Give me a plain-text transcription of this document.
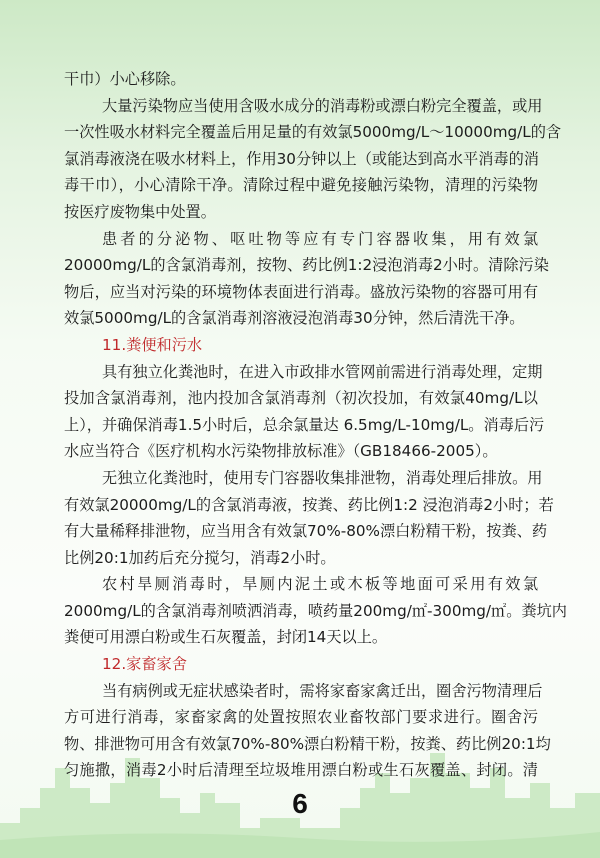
干巾）小心移除。
大量污染物应当使用含吸水成分的消毒粉或漂白粉完全覆盖，或用
一次性吸水材料完全覆盖后用足量的有效氯5000mg/L～10000mg/L的含
氯消毒液浇在吸水材料上，作用30分钟以上（或能达到高水平消毒的消
毒干巾），小心清除干净。清除过程中避免接触污染物，清理的污染物
按医疗废物集中处置。
患者的分泌物、呕吐物等应有专门容器收集，用有效氯
20000mg/L的含氯消毒剂，按物、药比例1:2浸泡消毒2小时。清除污染
物后，应当对污染的环境物体表面进行消毒。盛放污染物的容器可用有
效氯5000mg/L的含氯消毒剂溶液浸泡消毒30分钟，然后清洗干净。
11.粪便和污水
具有独立化粪池时，在进入市政排水管网前需进行消毒处理，定期
投加含氯消毒剂，池内投加含氯消毒剂（初次投加，有效氯40mg/L以
上），并确保消毒1.5小时后，总余氯量达 6.5mg/L-10mg/L。消毒后污
水应当符合《医疗机构水污染物排放标准》（GB18466-2005）。
无独立化粪池时，使用专门容器收集排泄物，消毒处理后排放。用
有效氯20000mg/L的含氯消毒液，按粪、药比例1:2 浸泡消毒2小时；若
有大量稀释排泄物，应当用含有效氯70%-80%漂白粉精干粉，按粪、药
比例20:1加药后充分搅匀，消毒2小时。
农村旱厕消毒时，旱厕内泥土或木板等地面可采用有效氯
2000mg/L的含氯消毒剂喷洒消毒，喷药量200mg/㎡-300mg/㎡。粪坑内
粪便可用漂白粉或生石灰覆盖，封闭14天以上。
12.家畜家舍
当有病例或无症状感染者时，需将家畜家禽迁出，圈舍污物清理后
方可进行消毒，家畜家禽的处置按照农业畜牧部门要求进行。圈舍污
物、排泄物可用含有效氯70%-80%漂白粉精干粉，按粪、药比例20:1均
匀施撒，消毒2小时后清理至垃圾堆用漂白粉或生石灰覆盖、封闭。清
6
